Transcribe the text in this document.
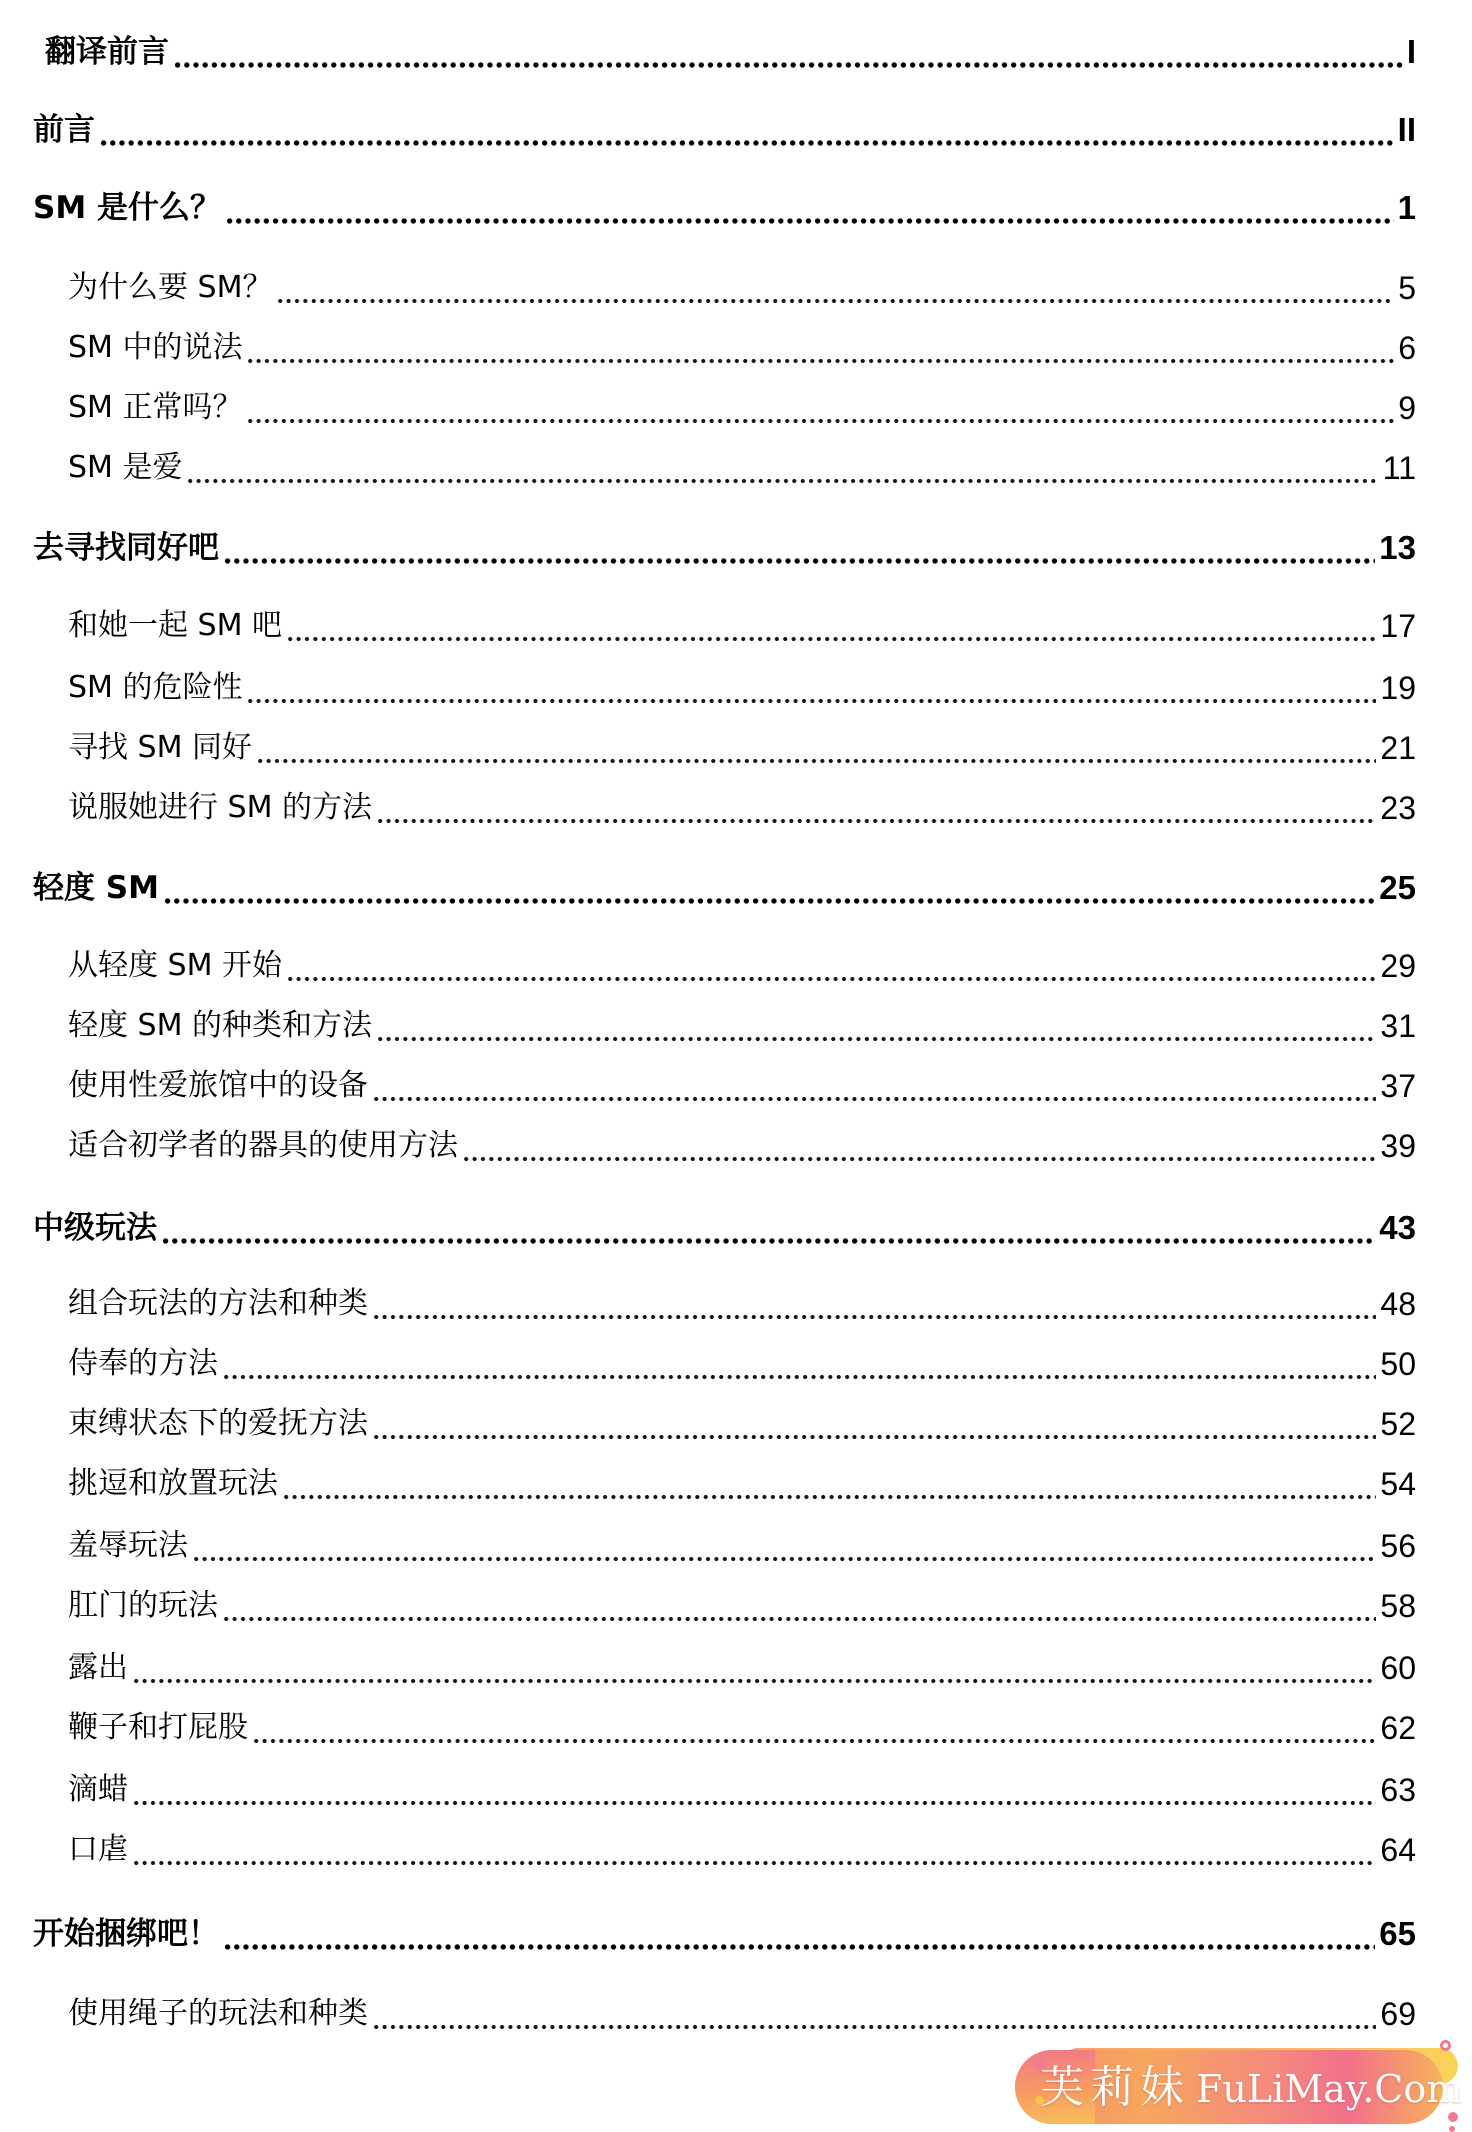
翻译前言	I
前言	II
SM 是什么？	1
为什么要 SM？	5
SM 中的说法	6
SM 正常吗？	9
SM 是爱	11
去寻找同好吧	13
和她一起 SM 吧	17
SM 的危险性	19
寻找 SM 同好	21
说服她进行 SM 的方法	23
轻度 SM	25
从轻度 SM 开始	29
轻度 SM 的种类和方法	31
使用性爱旅馆中的设备	37
适合初学者的器具的使用方法	39
中级玩法	43
组合玩法的方法和种类	48
侍奉的方法	50
束缚状态下的爱抚方法	52
挑逗和放置玩法	54
羞辱玩法	56
肛门的玩法	58
露出	60
鞭子和打屁股	62
滴蜡	63
口虐	64
开始捆绑吧！	65
使用绳子的玩法和种类	69
芙莉妹 FuLiMay.Com
